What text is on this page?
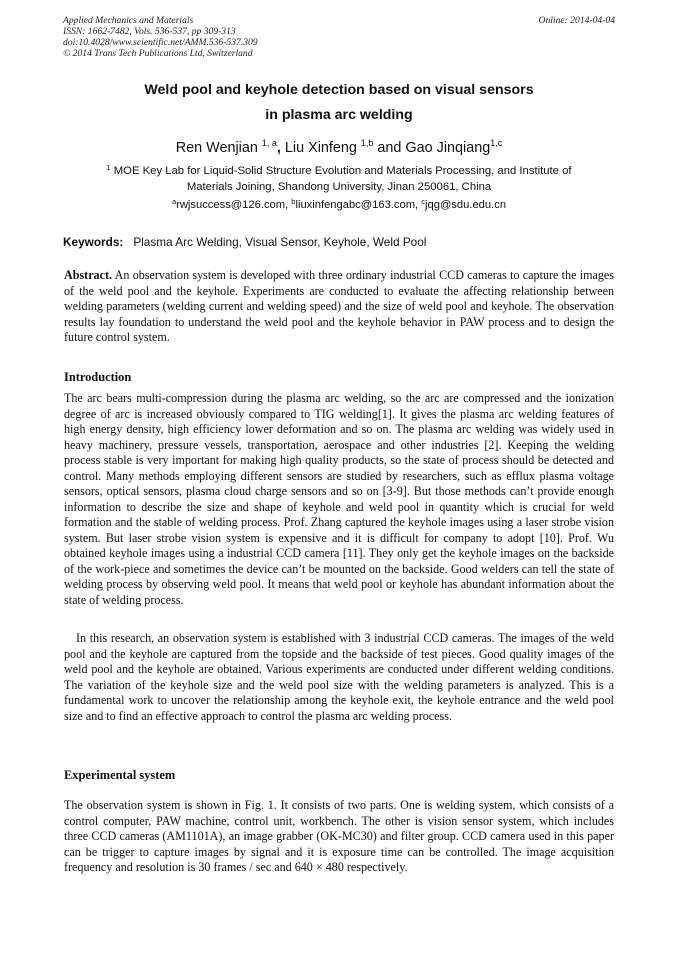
Applied Mechanics and Materials
ISSN: 1662-7482, Vols. 536-537, pp 309-313
doi:10.4028/www.scientific.net/AMM.536-537.309
© 2014 Trans Tech Publications Ltd, Switzerland
Online: 2014-04-04
Weld pool and keyhole detection based on visual sensors
in plasma arc welding
Ren Wenjian $^{1, a}$, Liu Xinfeng $^{1,b}$ and Gao Jinqiang$^{1,c}$
$^1$ MOE Key Lab for Liquid-Solid Structure Evolution and Materials Processing, and Institute of
Materials Joining, Shandong University, Jinan 250061, China
$^a$rwjsuccess@126.com, $^b$liuxinfengabc@163.com, $^c$jqg@sdu.edu.cn
Keywords: Plasma Arc Welding, Visual Sensor, Keyhole, Weld Pool
Abstract. An observation system is developed with three ordinary industrial CCD cameras to capture the images of the weld pool and the keyhole. Experiments are conducted to evaluate the affecting relationship between welding parameters (welding current and welding speed) and the size of weld pool and keyhole. The observation results lay foundation to understand the weld pool and the keyhole behavior in PAW process and to design the future control system.
Introduction
The arc bears multi-compression during the plasma arc welding, so the arc are compressed and the ionization degree of arc is increased obviously compared to TIG welding[1]. It gives the plasma arc welding features of high energy density, high efficiency lower deformation and so on. The plasma arc welding was widely used in heavy machinery, pressure vessels, transportation, aerospace and other industries [2]. Keeping the welding process stable is very important for making high quality products, so the state of process should be detected and control. Many methods employing different sensors are studied by researchers, such as efflux plasma voltage sensors, optical sensors, plasma cloud charge sensors and so on [3-9]. But those methods can’t provide enough information to describe the size and shape of keyhole and weld pool in quantity which is crucial for weld formation and the stable of welding process. Prof. Zhang captured the keyhole images using a laser strobe vision system. But laser strobe vision system is expensive and it is difficult for company to adopt [10]. Prof. Wu obtained keyhole images using a industrial CCD camera [11]. They only get the keyhole images on the backside of the work-piece and sometimes the device can’t be mounted on the backside. Good welders can tell the state of welding process by observing weld pool. It means that weld pool or keyhole has abundant information about the state of welding process.
In this research, an observation system is established with 3 industrial CCD cameras. The images of the weld pool and the keyhole are captured from the topside and the backside of test pieces. Good quality images of the weld pool and the keyhole are obtained. Various experiments are conducted under different welding conditions. The variation of the keyhole size and the weld pool size with the welding parameters is analyzed. This is a fundamental work to uncover the relationship among the keyhole exit, the keyhole entrance and the weld pool size and to find an effective approach to control the plasma arc welding process.
Experimental system
The observation system is shown in Fig. 1. It consists of two parts. One is welding system, which consists of a control computer, PAW machine, control unit, workbench. The other is vision sensor system, which includes three CCD cameras (AM1101A), an image grabber (OK-MC30) and filter group. CCD camera used in this paper can be trigger to capture images by signal and it is exposure time can be controlled. The image acquisition frequency and resolution is 30 frames / sec and 640 × 480 respectively.
